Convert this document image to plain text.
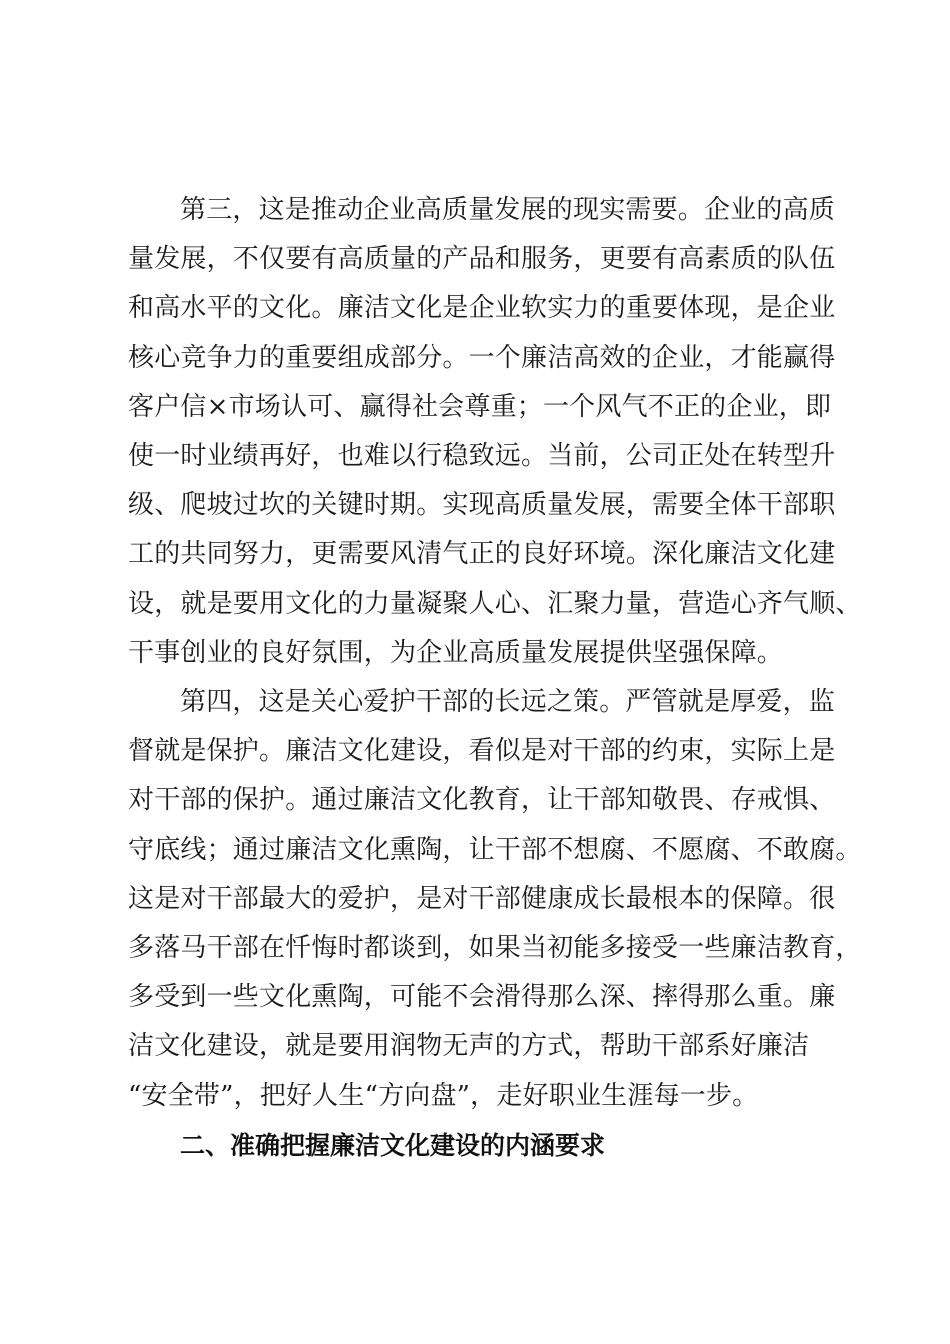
第三，这是推动企业高质量发展的现实需要。企业的高质
量发展，不仅要有高质量的产品和服务，更要有高素质的队伍
和高水平的文化。廉洁文化是企业软实力的重要体现，是企业
核心竞争力的重要组成部分。一个廉洁高效的企业，才能赢得
客户信×市场认可、赢得社会尊重；一个风气不正的企业，即
使一时业绩再好，也难以行稳致远。当前，公司正处在转型升
级、爬坡过坎的关键时期。实现高质量发展，需要全体干部职
工的共同努力，更需要风清气正的良好环境。深化廉洁文化建
设，就是要用文化的力量凝聚人心、汇聚力量，营造心齐气顺、
干事创业的良好氛围，为企业高质量发展提供坚强保障。

第四，这是关心爱护干部的长远之策。严管就是厚爱，监
督就是保护。廉洁文化建设，看似是对干部的约束，实际上是
对干部的保护。通过廉洁文化教育，让干部知敬畏、存戒惧、
守底线；通过廉洁文化熏陶，让干部不想腐、不愿腐、不敢腐。
这是对干部最大的爱护，是对干部健康成长最根本的保障。很
多落马干部在忏悔时都谈到，如果当初能多接受一些廉洁教育，
多受到一些文化熏陶，可能不会滑得那么深、摔得那么重。廉
洁文化建设，就是要用润物无声的方式，帮助干部系好廉洁
“安全带”，把好人生“方向盘”，走好职业生涯每一步。

二、准确把握廉洁文化建设的内涵要求
